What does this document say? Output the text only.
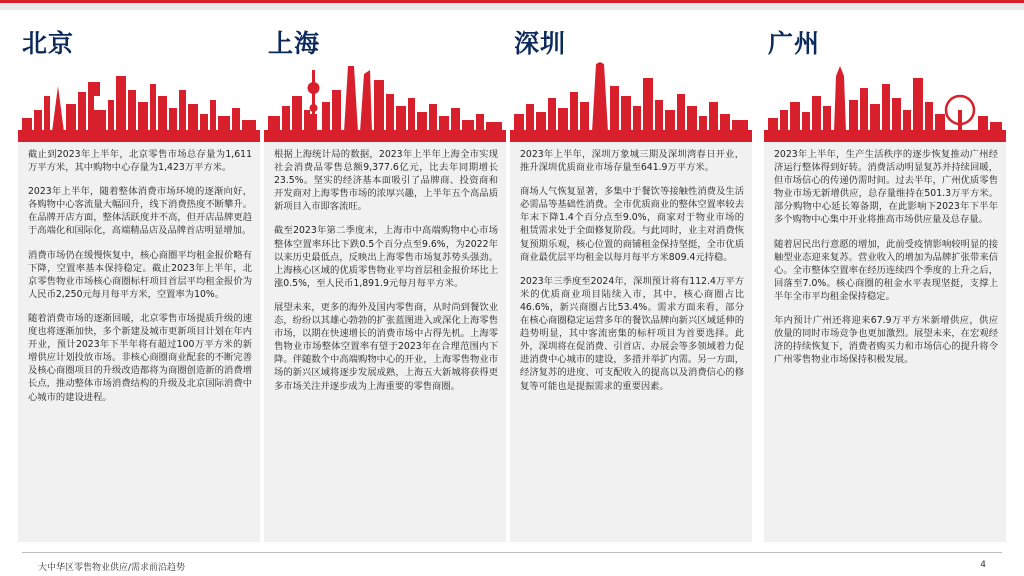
北京

截止到2023年上半年，北京零售市场总存量为1,611万平方米，其中购物中心存量为1,423万平方米。

2023年上半年，随着整体消费市场环境的逐渐向好，各购物中心客流量大幅回升，线下消费热度不断攀升。在品牌开店方面，整体活跃度并不高，但开店品牌更趋于高端化和国际化，高端精品店及品牌首店明显增加。

消费市场仍在缓慢恢复中，核心商圈平均租金报价略有下降，空置率基本保持稳定。截止2023年上半年，北京零售物业市场核心商圈标杆项目首层平均租金报价为人民币2,250元每月每平方米，空置率为10%。

随着消费市场的逐渐回暖，北京零售市场提质升级的速度也将逐渐加快，多个新建及城市更新项目计划在年内开业，预计2023年下半年将有超过100万平方米的新增供应计划投放市场。非核心商圈商业配套的不断完善及核心商圈项目的升级改造都将为商圈创造新的消费增长点，推动整体市场消费结构的升级及北京国际消费中心城市的建设进程。

上海

根据上海统计局的数据，2023年上半年上海全市实现社会消费品零售总额9,377.6亿元，比去年同期增长23.5%。坚实的经济基本面吸引了品牌商、投资商和开发商对上海零售市场的浓厚兴趣，上半年五个高品质新项目入市即客流旺。

截至2023年第二季度末，上海市中高端购物中心市场整体空置率环比下跌0.5个百分点至9.6%，为2022年以来历史最低点，反映出上海零售市场复苏势头强劲。上海核心区域的优质零售物业平均首层租金报价环比上涨0.5%，至人民币1,891.9元每月每平方米。

展望未来，更多的海外及国内零售商，从时尚到餐饮业态，纷纷以其雄心勃勃的扩张蓝图进入或深化上海零售市场，以期在快速增长的消费市场中占得先机。上海零售物业市场整体空置率有望于2023年在合理范围内下降。伴随数个中高端购物中心的开业，上海零售物业市场的新兴区域将逐步发展成熟，上海五大新城将获得更多市场关注并逐步成为上海重要的零售商圈。

深圳

2023年上半年，深圳万象城三期及深圳湾春日开业，推升深圳优质商业市场存量至641.9万平方米。

商场人气恢复显著，多集中于餐饮等接触性消费及生活必需品等基础性消费。全市优质商业的整体空置率较去年末下降1.4个百分点至9.0%，商家对于物业市场的租赁需求处于全面修复阶段。与此同时，业主对消费恢复预期乐观，核心位置的商铺租金保持坚挺，全市优质商业最优层平均租金以每月每平方米809.4元持稳。

2023年三季度至2024年，深圳预计将有112.4万平方米的优质商业项目陆续入市，其中，核心商圈占比46.6%，新兴商圈占比53.4%。需求方面来看，部分在核心商圈稳定运营多年的餐饮品牌向新兴区域延伸的趋势明显，其中客流密集的标杆项目为首要选择。此外，深圳将在促消费、引首店、办展会等多领域着力促进消费中心城市的建设，多措并举扩内需。另一方面，经济复苏的进度、可支配收入的提高以及消费信心的修复等可能也是提振需求的重要因素。

广州

2023年上半年，生产生活秩序的逐步恢复推动广州经济运行整体得到好转。消费活动明显复苏并持续回暖，但市场信心的传递仍需时间。过去半年，广州优质零售物业市场无新增供应，总存量维持在501.3万平方米。部分购物中心延长筹备期，在此影响下2023年下半年多个购物中心集中开业将推高市场供应量及总存量。

随着居民出行意愿的增加，此前受疫情影响较明显的接触型业态迎来复苏。营业收入的增加为品牌扩张带来信心。全市整体空置率在经历连续四个季度的上升之后，回落至7.0%。核心商圈的租金水平表现坚挺，支撑上半年全市平均租金保持稳定。

年内预计广州还将迎来67.9万平方米新增供应，供应放量的同时市场竞争也更加激烈。展望未来，在宏观经济的持续恢复下，消费者购买力和市场信心的提升将令广州零售物业市场保持积极发展。

大中华区零售物业供应/需求前沿趋势	4
